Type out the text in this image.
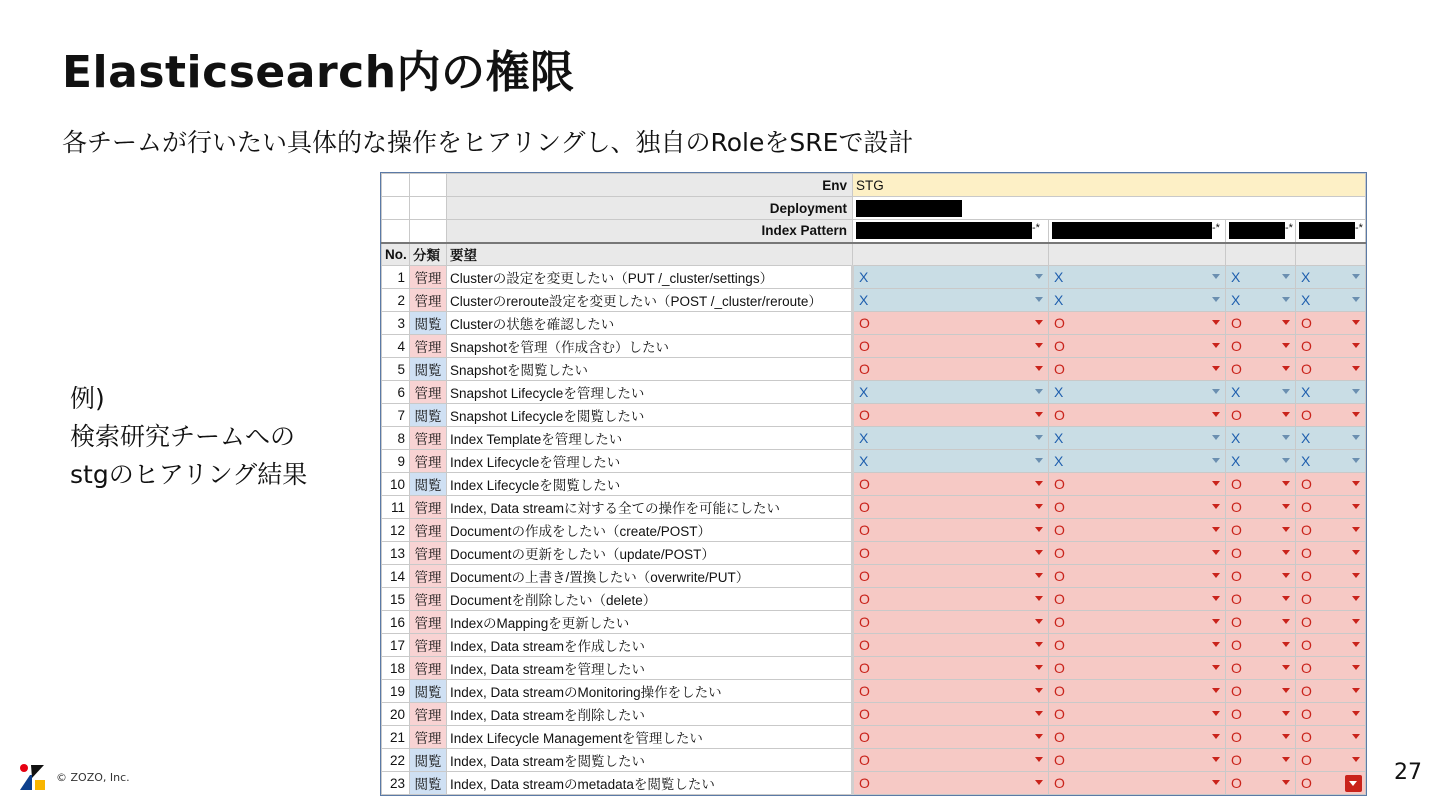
Elasticsearch内の権限
各チームが行いたい具体的な操作をヒアリングし、独自のRoleをSREで設計
例)
検索研究チームへの
stgのヒアリング結果
		Env	STG			
		Deployment				
		Index Pattern	-*	-*	-*	-*
No.	分類	要望				
1	管理	Clusterの設定を変更したい（PUT /_cluster/settings）	X	X	X	X

2	管理	Clusterのreroute設定を変更したい（POST /_cluster/reroute）	X	X	X	X

3	閲覧	Clusterの状態を確認したい	O	O	O	O

4	管理	Snapshotを管理（作成含む）したい	O	O	O	O

5	閲覧	Snapshotを閲覧したい	O	O	O	O

6	管理	Snapshot Lifecycleを管理したい	X	X	X	X

7	閲覧	Snapshot Lifecycleを閲覧したい	O	O	O	O

8	管理	Index Templateを管理したい	X	X	X	X

9	管理	Index Lifecycleを管理したい	X	X	X	X

10	閲覧	Index Lifecycleを閲覧したい	O	O	O	O

11	管理	Index, Data streamに対する全ての操作を可能にしたい	O	O	O	O

12	管理	Documentの作成をしたい（create/POST）	O	O	O	O

13	管理	Documentの更新をしたい（update/POST）	O	O	O	O

14	管理	Documentの上書き/置換したい（overwrite/PUT）	O	O	O	O

15	管理	Documentを削除したい（delete）	O	O	O	O

16	管理	IndexのMappingを更新したい	O	O	O	O

17	管理	Index, Data streamを作成したい	O	O	O	O

18	管理	Index, Data streamを管理したい	O	O	O	O

19	閲覧	Index, Data streamのMonitoring操作をしたい	O	O	O	O

20	管理	Index, Data streamを削除したい	O	O	O	O

21	管理	Index Lifecycle Managementを管理したい	O	O	O	O

22	閲覧	Index, Data streamを閲覧したい	O	O	O	O

23	閲覧	Index, Data streamのmetadataを閲覧したい	O	O	O	O
© ZOZO, Inc.	27
